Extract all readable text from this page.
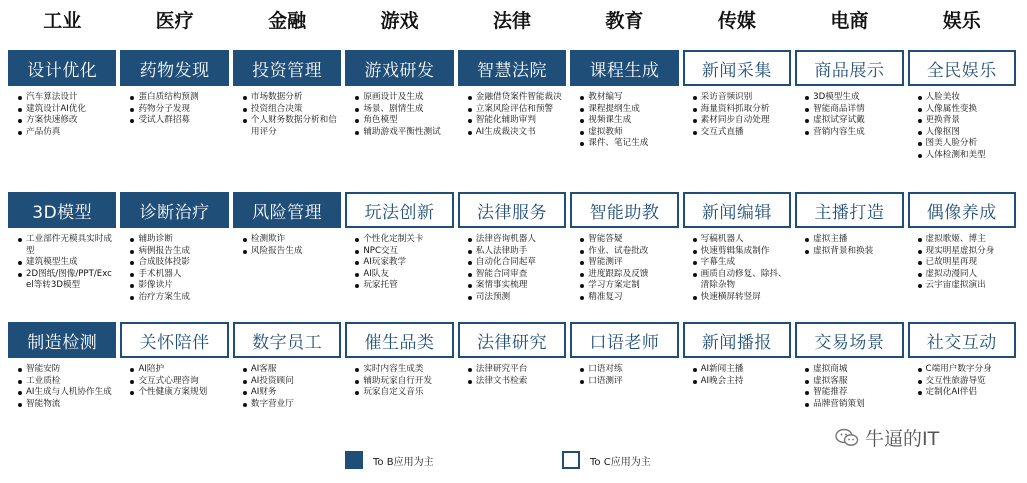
工业	医疗	金融	游戏	法律	教育	传媒	电商	娱乐
设计优化
汽车算法设计
建筑设计AI优化
方案快速修改
产品仿真
药物发现
蛋白质结构预测
药物分子发现
受试人群招募
投资管理
市场数据分析
投资组合决策
个人财务数据分析和信用评分
游戏研发
原画设计及生成
场景、剧情生成
角色模型
辅助游戏平衡性测试
智慧法院
金融借贷案件智能裁决
立案风险评估和预警
智能化辅助审判
AI生成裁决文书
课程生成
教材编写
课程提纲生成
视频课生成
虚拟教师
课件、笔记生成
新闻采集
采访音频识别
海量资料抓取分析
素材同步自动处理
交互式直播
商品展示
3D模型生成
智能商品详情
虚拟试穿试戴
营销内容生成
全民娱乐
人脸美妆
人像属性变换
更换背景
人像抠图
图美人脸分析
人体检测和美型
3D模型
工业部件无模具实时成型
建筑模型生成
2D图纸/图像/PPT/Excel等转3D模型
诊断治疗
辅助诊断
病例报告生成
合成肢体投影
手术机器人
影像读片
治疗方案生成
风险管理
检测欺诈
风险报告生成
玩法创新
个性化定制关卡
NPC交互
AI玩家教学
AI队友
玩家托管
法律服务
法律咨询机器人
私人法律助手
自动化合同起草
智能合同审查
案情事实梳理
司法预测
智能助教
智能答疑
作业、试卷批改
智能测评
进度跟踪及反馈
学习方案定制
精准复习
新闻编辑
写稿机器人
快速剪辑集成制作
字幕生成
画质自动修复、除抖、清除杂物
快速横屏转竖屏
主播打造
虚拟主播
虚拟背景和换装
偶像养成
虚拟歌姬、博主
现实明星虚拟分身
已故明星再现
虚拟动漫同人
云宇宙虚拟演出
制造检测
智能安防
工业质检
AI生成与人机协作生成
智能物流
关怀陪伴
AI陪护
交互式心理咨询
个性健康方案规划
数字员工
AI客服
AI投资顾问
AI财务
数字营业厅
催生品类
实时内容生成类
辅助玩家自行开发
玩家自定义音乐
法律研究
法律研究平台
法律文书检索
口语老师
口语对练
口语测评
新闻播报
AI新闻主播
AI晚会主持
交易场景
虚拟商城
虚拟客服
智能推荐
品牌营销策划
社交互动
C端用户数字分身
交互性旅游导览
定制化AI伴侣
To B应用为主	To C应用为主
牛逼的IT
